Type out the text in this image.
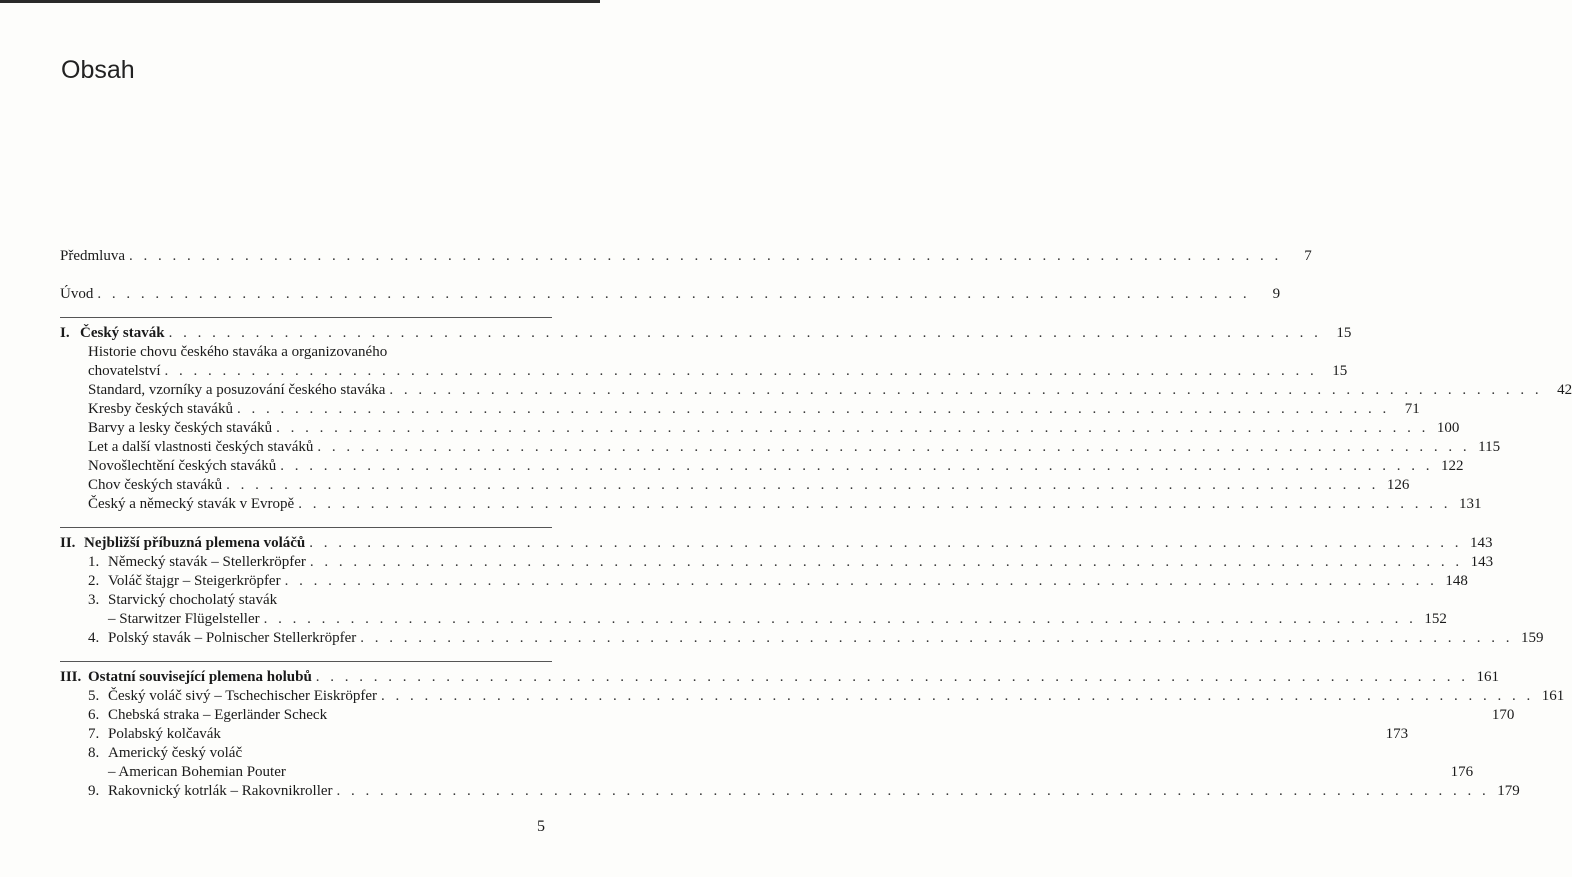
Obsah
Předmluva . . . . . . . . . . . . . . . . . . . . . . . . . . . . . . . . . . . . . . . . . . . . . . . . . . . . . . . . . . . . . . . . . . . . . . . . . . . . . . . .	7
Úvod . . . . . . . . . . . . . . . . . . . . . . . . . . . . . . . . . . . . . . . . . . . . . . . . . . . . . . . . . . . . . . . . . . . . . . . . . . . . . . . .	9
I.Český stavák . . . . . . . . . . . . . . . . . . . . . . . . . . . . . . . . . . . . . . . . . . . . . . . . . . . . . . . . . . . . . . . . . . . . . . . . . . . . . . . .	15
Historie chovu českého staváka a organizovaného
chovatelství . . . . . . . . . . . . . . . . . . . . . . . . . . . . . . . . . . . . . . . . . . . . . . . . . . . . . . . . . . . . . . . . . . . . . . . . . . . . . . . .	15
Standard, vzorníky a posuzování českého staváka . . . . . . . . . . . . . . . . . . . . . . . . . . . . . . . . . . . . . . . . . . . . . . . . . . . . . . . . . . . . . . . . . . . . . . . . . . . . . . . .	42
Kresby českých staváků . . . . . . . . . . . . . . . . . . . . . . . . . . . . . . . . . . . . . . . . . . . . . . . . . . . . . . . . . . . . . . . . . . . . . . . . . . . . . . . .	71
Barvy a lesky českých staváků . . . . . . . . . . . . . . . . . . . . . . . . . . . . . . . . . . . . . . . . . . . . . . . . . . . . . . . . . . . . . . . . . . . . . . . . . . . . . . . . 100
Let a další vlastnosti českých staváků . . . . . . . . . . . . . . . . . . . . . . . . . . . . . . . . . . . . . . . . . . . . . . . . . . . . . . . . . . . . . . . . . . . . . . . . . . . . . . . . 115
Novošlechtění českých staváků . . . . . . . . . . . . . . . . . . . . . . . . . . . . . . . . . . . . . . . . . . . . . . . . . . . . . . . . . . . . . . . . . . . . . . . . . . . . . . . . 122
Chov českých staváků . . . . . . . . . . . . . . . . . . . . . . . . . . . . . . . . . . . . . . . . . . . . . . . . . . . . . . . . . . . . . . . . . . . . . . . . . . . . . . . . 126
Český a německý stavák v Evropě . . . . . . . . . . . . . . . . . . . . . . . . . . . . . . . . . . . . . . . . . . . . . . . . . . . . . . . . . . . . . . . . . . . . . . . . . . . . . . . . 131
II.Nejbližší příbuzná plemena voláčů . . . . . . . . . . . . . . . . . . . . . . . . . . . . . . . . . . . . . . . . . . . . . . . . . . . . . . . . . . . . . . . . . . . . . . . . . . . . . . . . 143
1. Německý stavák – Stellerkröpfer . . . . . . . . . . . . . . . . . . . . . . . . . . . . . . . . . . . . . . . . . . . . . . . . . . . . . . . . . . . . . . . . . . . . . . . . . . . . . . . . 143
2. Voláč štajgr – Steigerkröpfer . . . . . . . . . . . . . . . . . . . . . . . . . . . . . . . . . . . . . . . . . . . . . . . . . . . . . . . . . . . . . . . . . . . . . . . . . . . . . . . . 148
3. Starvický chocholatý stavák
– Starwitzer Flügelsteller . . . . . . . . . . . . . . . . . . . . . . . . . . . . . . . . . . . . . . . . . . . . . . . . . . . . . . . . . . . . . . . . . . . . . . . . . . . . . . . . 152
4. Polský stavák – Polnischer Stellerkröpfer . . . . . . . . . . . . . . . . . . . . . . . . . . . . . . . . . . . . . . . . . . . . . . . . . . . . . . . . . . . . . . . . . . . . . . . . . . . . . . . . 159
III.Ostatní související plemena holubů . . . . . . . . . . . . . . . . . . . . . . . . . . . . . . . . . . . . . . . . . . . . . . . . . . . . . . . . . . . . . . . . . . . . . . . . . . . . . . . . 161
5. Český voláč sivý – Tschechischer Eiskröpfer . . . . . . . . . . . . . . . . . . . . . . . . . . . . . . . . . . . . . . . . . . . . . . . . . . . . . . . . . . . . . . . . . . . . . . . . . . . . . . . . 161
6. Chebská straka – Egerländer Scheck	170
7. Polabský kolčavák	173
8. Americký český voláč
– American Bohemian Pouter	176
9. Rakovnický kotrlák – Rakovnikroller . . . . . . . . . . . . . . . . . . . . . . . . . . . . . . . . . . . . . . . . . . . . . . . . . . . . . . . . . . . . . . . . . . . . . . . . . . . . . . . . 179
5
